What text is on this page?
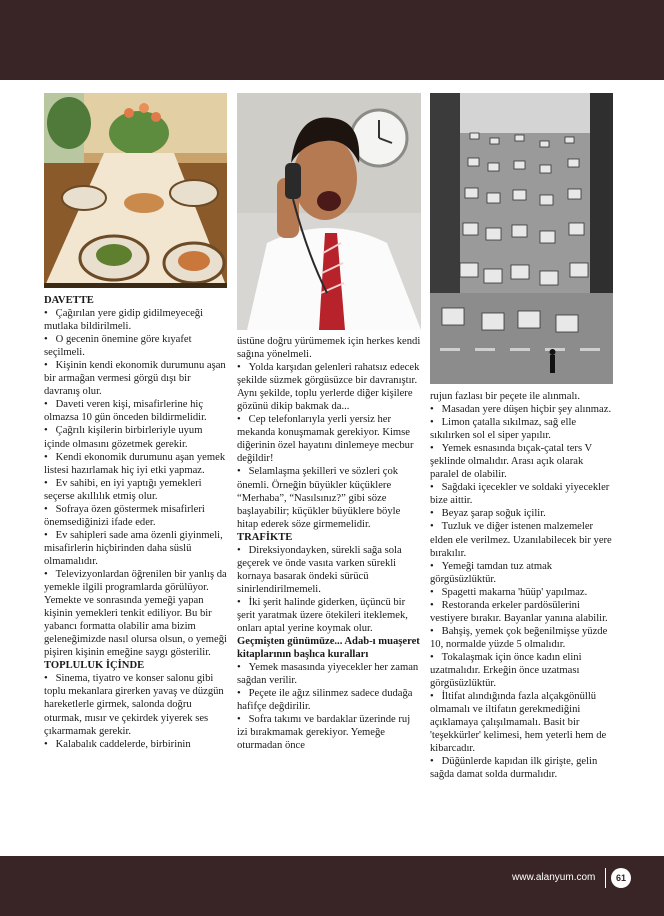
DAVETTE

•   Çağırılan yere gidip gidilmeyeceği mutlaka bildirilmeli.

•   O gecenin önemine göre kıyafet seçilmeli.

•   Kişinin kendi ekonomik durumunu aşan bir armağan vermesi görgü dışı bir davranış olur.

•   Daveti veren kişi, misafirlerine hiç olmazsa 10 gün önceden bildirmelidir.

•   Çağrılı kişilerin birbirleriyle uyum içinde olmasını gözetmek gerekir.

•   Kendi ekonomik durumunu aşan yemek listesi hazırlamak hiç iyi etki yapmaz.

•   Ev sahibi, en iyi yaptığı yemekleri seçerse akıllılık etmiş olur.

•   Sofraya özen göstermek misafirleri önemsediğinizi ifade eder.

•   Ev sahipleri sade ama özenli giyinmeli, misafirlerin hiçbirinden daha süslü olmamalıdır.

•   Televizyonlardan öğrenilen bir yanlış da yemekle ilgili programlarda görülüyor. Yemekte ve sonrasında yemeği yapan kişinin yemekleri tenkit ediliyor. Bu bir yabancı formatta olabilir ama bizim geleneğimizde nasıl olursa olsun, o yemeği pişiren kişinin emeğine saygı gösterilir.

TOPLULUK İÇİNDE

•   Sinema, tiyatro ve konser salonu gibi toplu mekanlara girerken yavaş ve düzgün hareketlerle girmek, salonda doğru oturmak, mısır ve çekirdek yiyerek ses çıkarmamak gerekir.

•   Kalabalık caddelerde, birbirinin

üstüne doğru yürümemek için herkes kendi sağına yönelmeli.

•   Yolda karşıdan gelenleri rahatsız edecek şekilde süzmek görgüsüzce bir davranıştır. Aynı şekilde, toplu yerlerde diğer kişilere gözünü dikip bakmak da...

•   Cep telefonlarıyla yerli yersiz her mekanda konuşmamak gerekiyor. Kimse diğerinin özel hayatını dinlemeye mecbur değildir!

•   Selamlaşma şekilleri ve sözleri çok önemli. Örneğin büyükler küçüklere “Merhaba”, “Nasılsınız?” gibi söze başlayabilir; küçükler büyüklere böyle hitap ederek söze girmemelidir.

TRAFİKTE

•   Direksiyondayken, sürekli sağa sola geçerek ve önde vasıta varken sürekli kornaya basarak öndeki sürücü sinirlendirilmemeli.

•   İki şerit halinde giderken, üçüncü bir şerit yaratmak üzere ötekileri iteklemek, onları aptal yerine koymak olur.

Geçmişten günümüze... Adab-ı muaşeret kitaplarının başlıca kuralları

•   Yemek masasında yiyecekler her zaman sağdan verilir.

•   Peçete ile ağız silinmez sadece dudağa hafifçe değdirilir.

•   Sofra takımı ve bardaklar üzerinde ruj izi bırakmamak gerekiyor. Yemeğe oturmadan önce

rujun fazlası bir peçete ile alınmalı.

•   Masadan yere düşen hiçbir şey alınmaz.

•   Limon çatalla sıkılmaz, sağ elle sıkılırken sol el siper yapılır.

•   Yemek esnasında bıçak-çatal ters V şeklinde olmalıdır. Arası açık olarak paralel de olabilir.

•   Sağdaki içecekler ve soldaki yiyecekler bize aittir.

•   Beyaz şarap soğuk içilir.

•   Tuzluk ve diğer istenen malzemeler elden ele verilmez. Uzanılabilecek bir yere bırakılır.

•   Yemeği tamdan tuz atmak görgüsüzlüktür.

•   Spagetti makarna 'hüüp' yapılmaz.

•   Restoranda erkeler pardösülerini vestiyere bırakır. Bayanlar yanına alabilir.

•   Bahşiş, yemek çok beğenilmişse yüzde 10, normalde yüzde 5 olmalıdır.

•   Tokalaşmak için önce kadın elini uzatmalıdır. Erkeğin önce uzatması görgüsüzlüktür.

•   İltifat alındığında fazla alçakgönüllü olmamalı ve iltifatın gerekmediğini açıklamaya çalışılmamalı. Basit bir 'teşekkürler' kelimesi, hem yeterli hem de kibarcadır.

•   Düğünlerde kapıdan ilk girişte, gelin sağda damat solda durmalıdır.

www.alanyum.com	61
